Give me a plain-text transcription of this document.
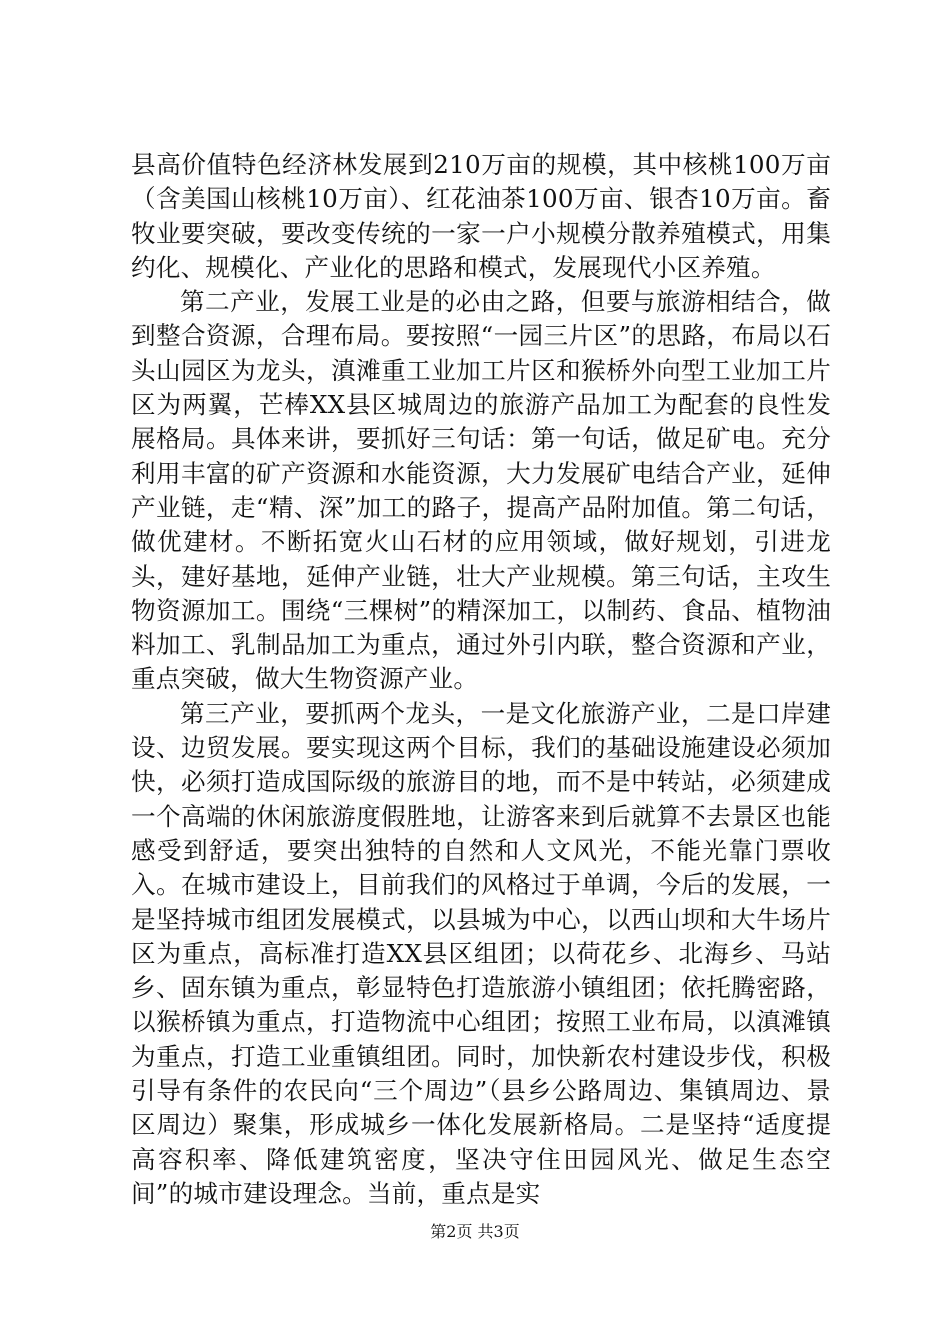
县高价值特色经济林发展到210万亩的规模，其中核桃100万亩（含美国山核桃10万亩）、红花油茶100万亩、银杏10万亩。畜牧业要突破，要改变传统的一家一户小规模分散养殖模式，用集约化、规模化、产业化的思路和模式，发展现代小区养殖。

第二产业，发展工业是的必由之路，但要与旅游相结合，做到整合资源，合理布局。要按照“一园三片区”的思路，布局以石头山园区为龙头，滇滩重工业加工片区和猴桥外向型工业加工片区为两翼，芒棒XX县区城周边的旅游产品加工为配套的良性发展格局。具体来讲，要抓好三句话：第一句话，做足矿电。充分利用丰富的矿产资源和水能资源，大力发展矿电结合产业，延伸产业链，走“精、深”加工的路子，提高产品附加值。第二句话，做优建材。不断拓宽火山石材的应用领域，做好规划，引进龙头，建好基地，延伸产业链，壮大产业规模。第三句话，主攻生物资源加工。围绕“三棵树”的精深加工，以制药、食品、植物油料加工、乳制品加工为重点，通过外引内联，整合资源和产业，重点突破，做大生物资源产业。

第三产业，要抓两个龙头，一是文化旅游产业，二是口岸建设、边贸发展。要实现这两个目标，我们的基础设施建设必须加快，必须打造成国际级的旅游目的地，而不是中转站，必须建成一个高端的休闲旅游度假胜地，让游客来到后就算不去景区也能感受到舒适，要突出独特的自然和人文风光，不能光靠门票收入。在城市建设上，目前我们的风格过于单调，今后的发展，一是坚持城市组团发展模式，以县城为中心，以西山坝和大牛场片区为重点，高标准打造XX县区组团；以荷花乡、北海乡、马站乡、固东镇为重点，彰显特色打造旅游小镇组团；依托腾密路，以猴桥镇为重点，打造物流中心组团；按照工业布局，以滇滩镇为重点，打造工业重镇组团。同时，加快新农村建设步伐，积极引导有条件的农民向“三个周边”（县乡公路周边、集镇周边、景区周边）聚集，形成城乡一体化发展新格局。二是坚持“适度提高容积率、降低建筑密度，坚决守住田园风光、做足生态空间”的城市建设理念。当前，重点是实

第2页 共3页
